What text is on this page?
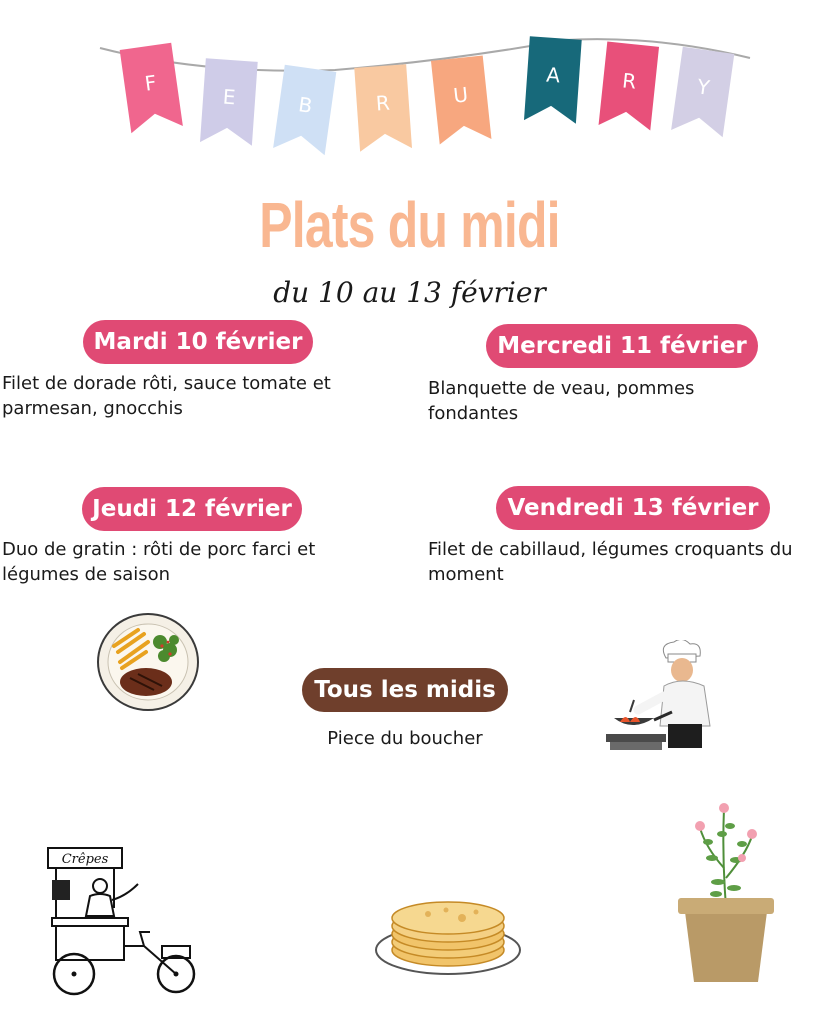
F
E	B	R	U
A	R	Y
Plats du midi
du 10 au 13 février
Mardi 10 février
Filet de dorade rôti, sauce tomate et parmesan, gnocchis
Mercredi 11 février
Blanquette de veau, pommes fondantes
Jeudi 12 février
Duo de gratin : rôti de porc farci et légumes de saison
Vendredi 13 février
Filet de cabillaud, légumes croquants du moment
Tous les midis
Piece du boucher
Crêpes
